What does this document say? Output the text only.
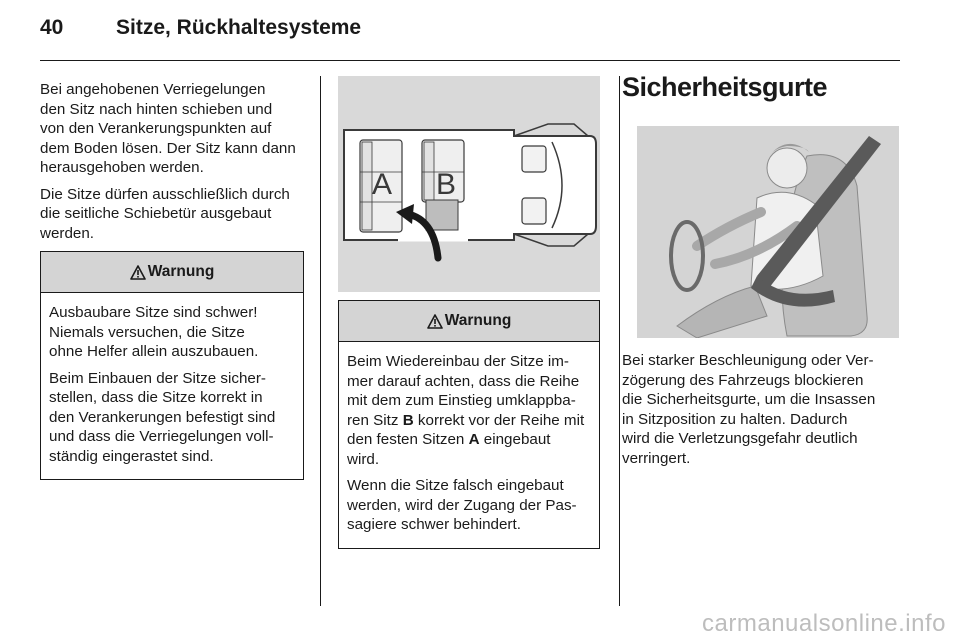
40	Sitze, Rückhaltesysteme

Bei angehobenen Verriegelungen
den Sitz nach hinten schieben und
von den Verankerungspunkten auf
dem Boden lösen. Der Sitz kann dann
herausgehoben werden.

Die Sitze dürfen ausschließlich durch
die seitliche Schiebetür ausgebaut
werden.

Warnung

Ausbaubare Sitze sind schwer!
Niemals versuchen, die Sitze
ohne Helfer allein auszubauen.

Beim Einbauen der Sitze sicher-
stellen, dass die Sitze korrekt in
den Verankerungen befestigt sind
und dass die Verriegelungen voll-
ständig eingerastet sind.

A B
Warnung

Beim Wiedereinbau der Sitze im-
mer darauf achten, dass die Reihe
mit dem zum Einstieg umklappba-
ren Sitz B korrekt vor der Reihe mit
den festen Sitzen A eingebaut
wird.

Wenn die Sitze falsch eingebaut
werden, wird der Zugang der Pas-
sagiere schwer behindert.

Sicherheitsgurte

Bei starker Beschleunigung oder Ver-
zögerung des Fahrzeugs blockieren
die Sicherheitsgurte, um die Insassen
in Sitzposition zu halten. Dadurch
wird die Verletzungsgefahr deutlich
verringert.

carmanualsonline.info
